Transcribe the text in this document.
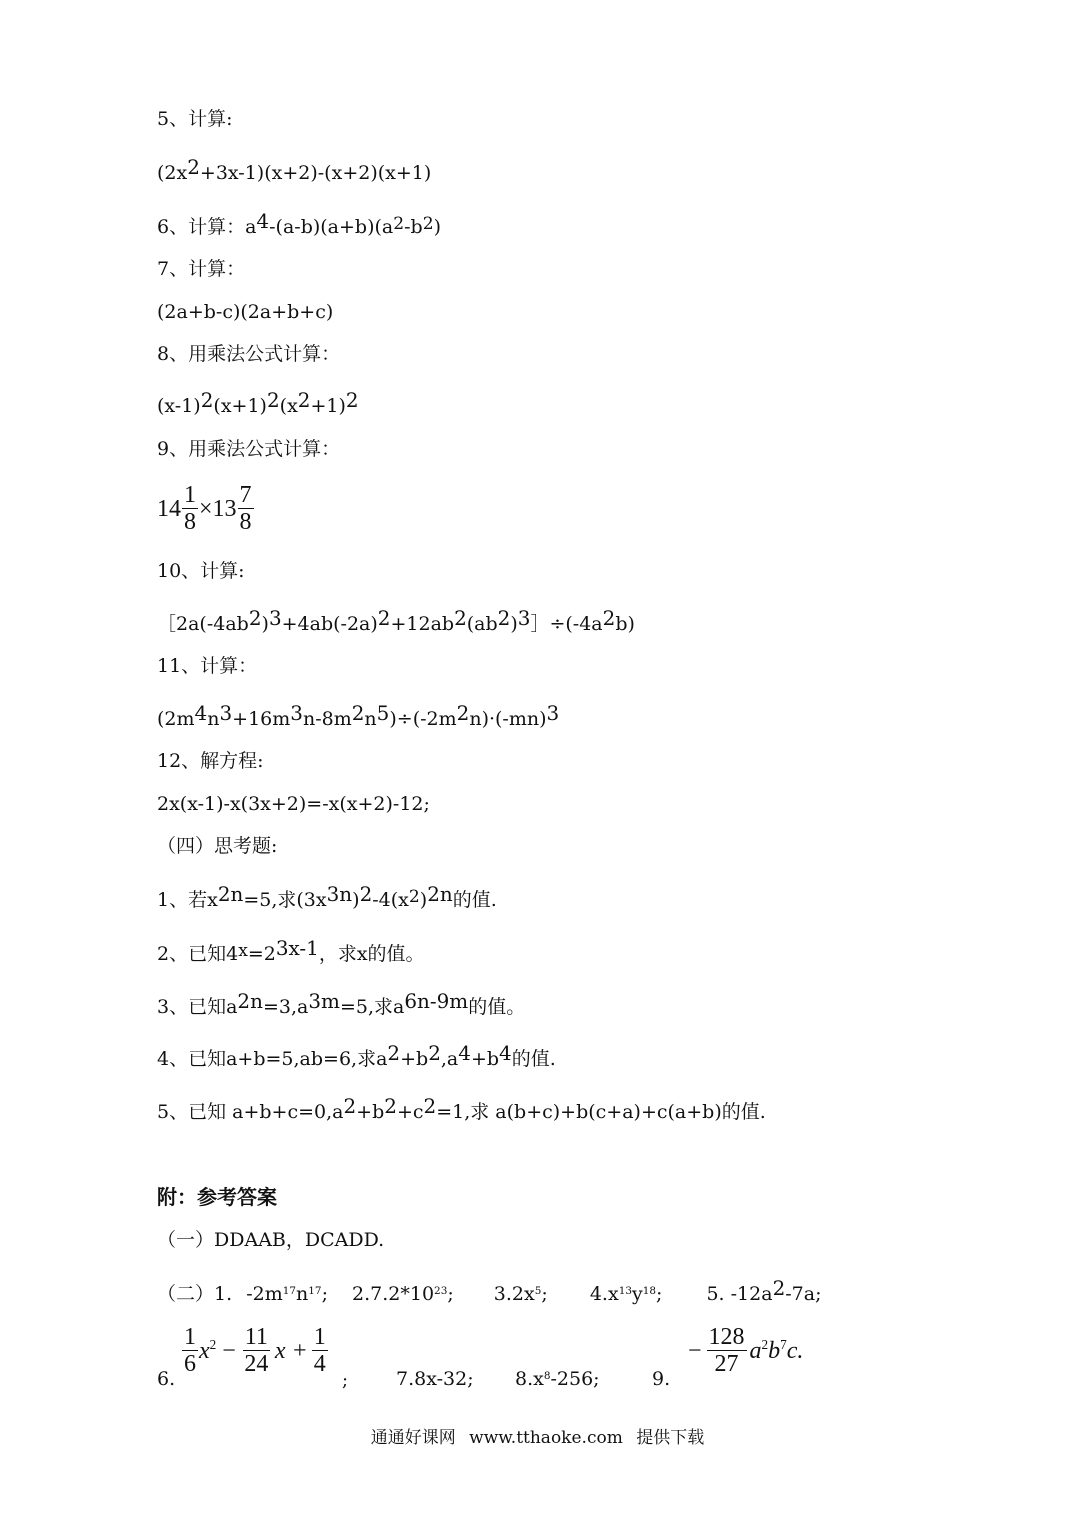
5、计算:
$(2x^2+3x-1)(x+2)-(x+2)(x+1)$
6、计算：$a^4-(a-b)(a+b)(a^2-b^2)$
7、计算：
(2a+b-c)(2a+b+c)
8、用乘法公式计算：
$(x-1)^2(x+1)^2(x^2+1)^2$
9、用乘法公式计算：
$14 \frac{1}{8} \times 13 \frac{7}{8}$
10、计算:
$[2a(-4ab^2)^3+4ab(-2a)^2+12ab^2(ab^2)^3]\div(-4a^2b)$
11、计算：
$(2m^4n^3+16m^3n-8m^2n^5)\div(-2m^2n)\cdot(-mn)^3$
12、解方程:
2x(x-1)-x(3x+2)=-x(x+2)-12;
（四）思考题:
1、若$x^{2n}=5$,求$(3x^{3n})^2-4(x^2)^{2n}$的值.
2、已知$4^x=2^{3x-1}$，求x的值。
3、已知$a^{2n}=3,a^{3m}=5$,求$a^{6n-9m}$的值。
4、已知a+b=5,ab=6,求$a^2+b^2,a^4+b^4$的值.
5、已知 $a+b+c=0,a^2+b^2+c^2=1$,求 a(b+c)+b(c+a)+c(a+b)的值.
附：参考答案
（一）DDAAB，DCADD.
（二）1. $-2m^{17}n^{17}$; $2.7.2*10^{23}$; $3.2x^5$; $4.x^{13}y^{18}$; 5. $-12a^2-7a$;
6.
$\frac{1}{6} x^2 - \frac{11}{24}$ $x + \frac{1}{4}$
;	7.8x-32; $8.x^8-256$;	9.
− $\frac{128}{27} a^2b^7c$.
通通好课网 www.tthaoke.com 提供下载
